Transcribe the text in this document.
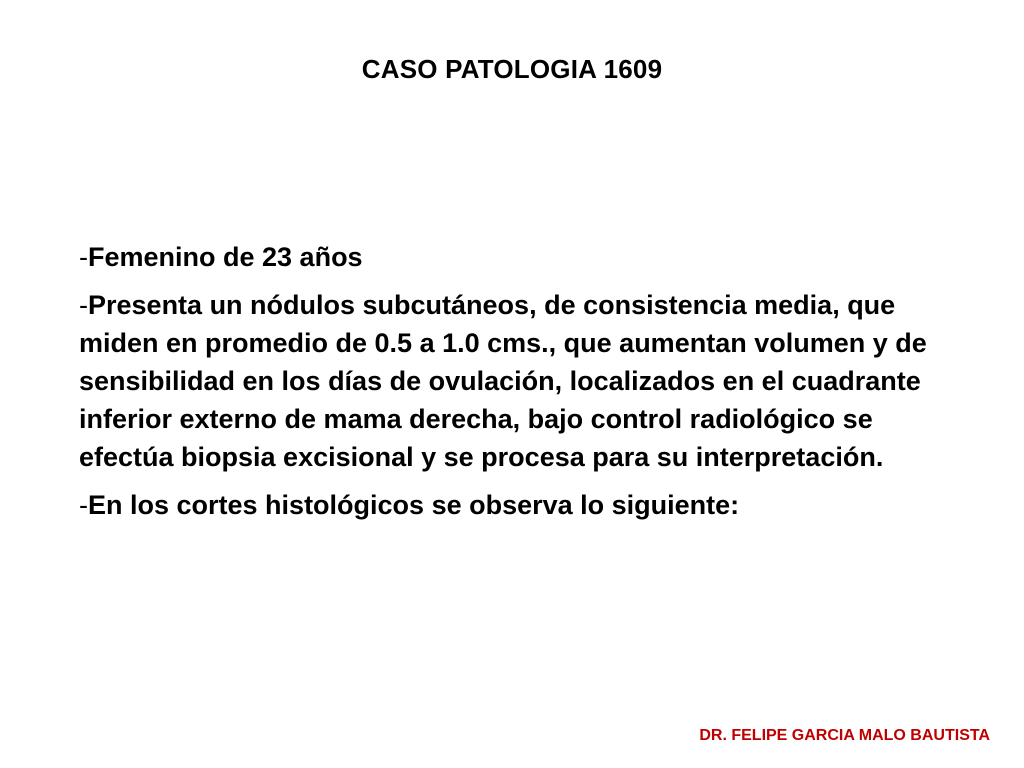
CASO PATOLOGIA 1609

-Femenino de 23 años

-Presenta un nódulos subcutáneos, de consistencia media, que miden en promedio de 0.5 a 1.0 cms., que aumentan volumen y de sensibilidad en los días de ovulación, localizados en el cuadrante inferior externo de mama derecha, bajo control radiológico se efectúa biopsia excisional y se procesa para su interpretación.

-En los cortes histológicos se observa lo siguiente:

DR. FELIPE GARCIA MALO BAUTISTA
